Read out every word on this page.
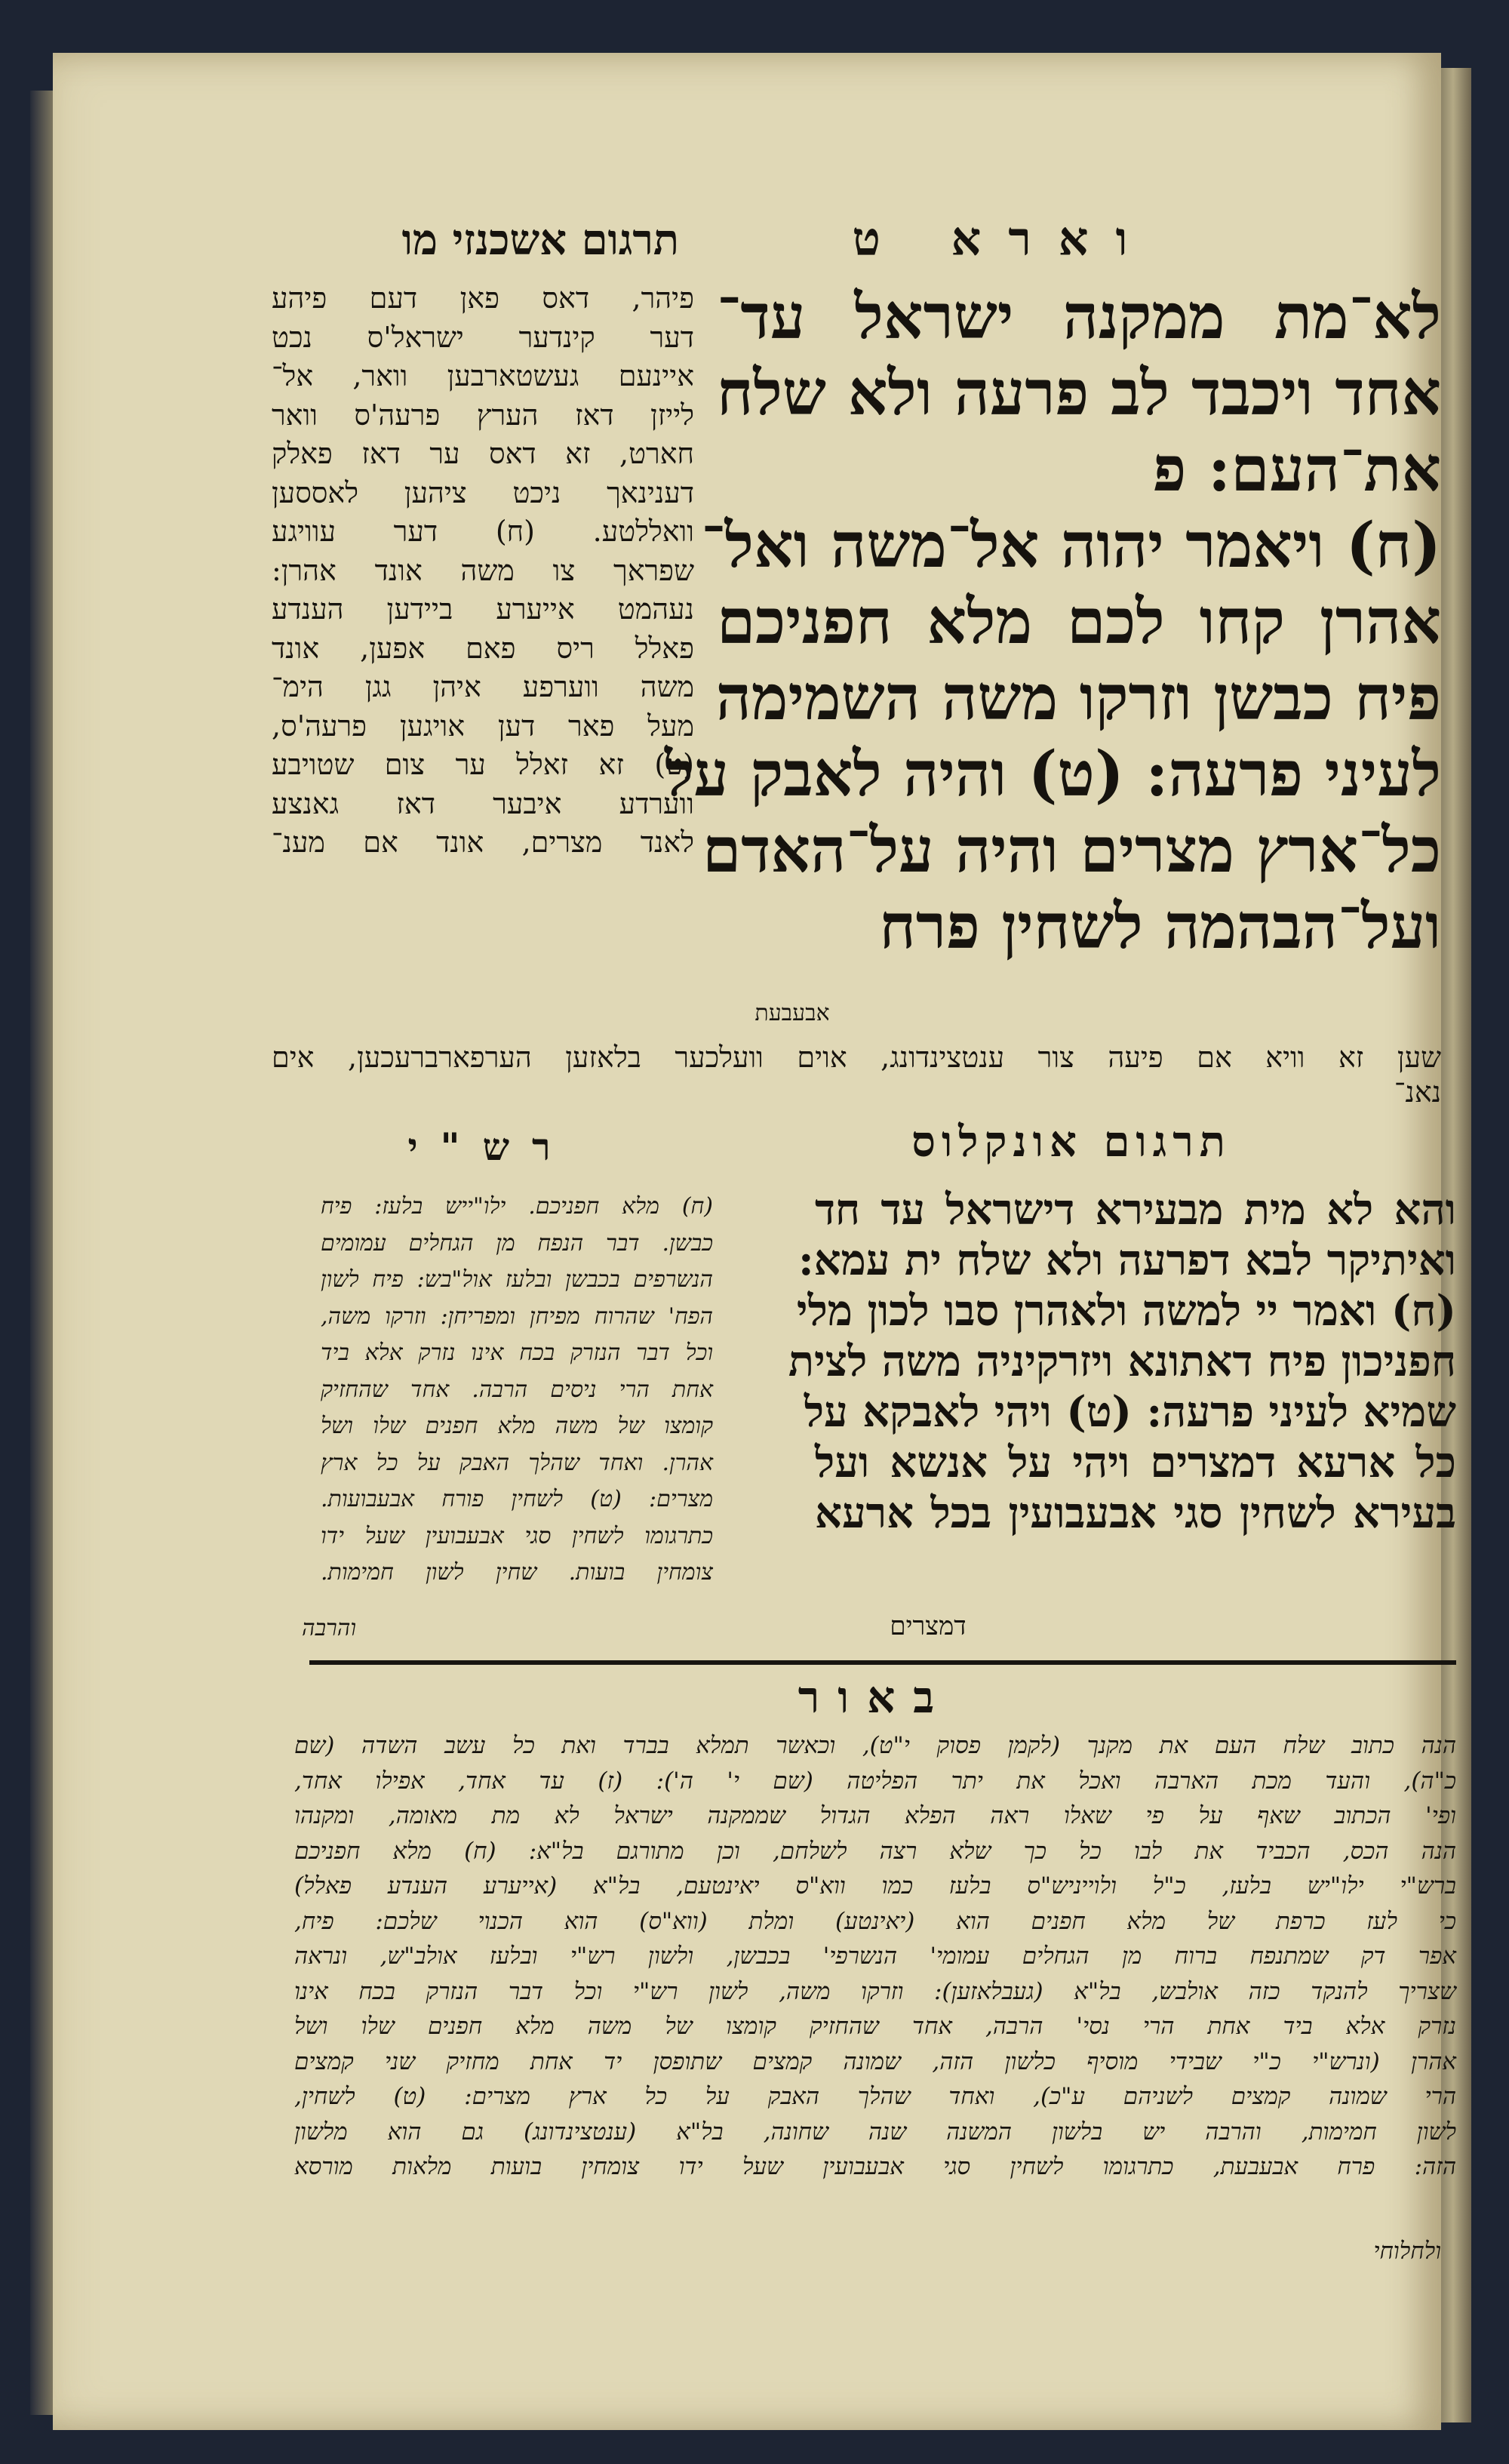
וארא ט
תרגום אשכנזי מו
לא־מת ממקנה ישראל עד־
אחד ויכבד לב פרעה ולא שלח
את־העם: פ
(ח) ויאמר יהוה אל־משה ואל־
אהרן קחו לכם מלא חפניכם
פיח כבשן וזרקו משה השמימה
לעיני פרעה: (ט) והיה לאבק על
כל־ארץ מצרים והיה על־האדם
ועל־הבהמה לשחין פרח
פיהר, דאס פאן דעם פיהע
דער קינדער ישראל'ס נכט
איינעם געשטארבען וואר, אל־
לייזן דאז הערץ פרעה'ס וואר
חארט, זא דאס ער דאז פאלק
דענינאך ניכט ציהען לאססען
וואללטע. (ח) דער עוויגע
שפראך צו משה אונד אהרן:
נעהמט אייערע ביידען הענדע
פאלל ריס פאם אפען, אונד
משה ווערפע איהן גגן הימ־
מעל פאר דען אויגען פרעה'ס,
(ט) זא זאלל ער צום שטויבע
ווערדע איבער דאז גאנצע
לאנד מצרים, אונד אם מענ־
אבעבעת
שען זא וויא אם פיעה צור ענטצינדונג, אוים וועלכער בלאזען הערפארברעכען, אים
נאנ־
תרגום אונקלוס
רש"י
והא לא מית מבעירא דישראל עד חד
ואיתיקר לבא דפרעה ולא שלח ית עמא:
(ח) ואמר יי למשה ולאהרן סבו לכון מלי
חפניכון פיח דאתונא ויזרקיניה משה לצית
שמיא לעיני פרעה: (ט) ויהי לאבקא על
כל ארעא דמצרים ויהי על אנשא ועל
בעירא לשחין סגי אבעבועין בכל ארעא
(ח) מלא חפניכם. ילו"ייש בלעז: פיח
כבשן. דבר הנפח מן הגחלים עמומים
הנשרפים בכבשן ובלעז אול"בש: פיח לשון
הפח' שהרוח מפיחן ומפריחן: וזרקו משה,
וכל דבר הנזרק בכח אינו נזרק אלא ביד
אחת הרי ניסים הרבה. אחד שהחזיק
קומצו של משה מלא חפנים שלו ושל
אהרן. ואחד שהלך האבק על כל ארץ
מצרים: (ט) לשחין פורח אבעבועות.
כתרגומו לשחין סגי אבעבועין שעל ידו
צומחין בועות. שחין לשון חמימות.
דמצרים
והרבה
באור
הנה כתוב שלח העם את מקנך (לקמן פסוק י"ט), וכאשר תמלא בברד ואת כל עשב השדה (שם
כ"ה), והעד מכת הארבה ואכל את יתר הפליטה (שם י' ה'): (ז) עד אחד, אפילו אחד,
ופי' הכתוב שאף על פי שאלו ראה הפלא הגדול שממקנה ישראל לא מת מאומה, ומקנהו
הנה הכס, הכביד את לבו כל כך שלא רצה לשלחם, וכן מתורגם בל"א: (ח) מלא חפניכם
ברש"י ילו"יש בלעז, כ"ל ולוייניש"ס בלעז כמו ווא"ס יאינטעם, בל"א (אייערע הענדע פאלל)
כי לעז כרפת של מלא חפנים הוא (יאינטע) ומלת (ווא"ס) הוא הכנוי שלכם: פיח,
אפר דק שמתנפח ברוח מן הגחלים עמומי' הנשרפי' בכבשן, ולשון רש"י ובלעז אולב"ש, ונראה
שצריך להנקד כזה אולבש, בל"א (געבלאזען): וזרקו משה, לשון רש"י וכל דבר הנזרק בכח אינו
נזרק אלא ביד אחת הרי נסי' הרבה, אחד שהחזיק קומצו של משה מלא חפנים שלו ושל
אהרן (ונרש"י כ"י שבידי מוסיף כלשון הזה, שמונה קמצים שתופסן יד אחת מחזיק שני קמצים
הרי שמונה קמצים לשניהם ע"כ), ואחד שהלך האבק על כל ארץ מצרים: (ט) לשחין,
לשון חמימות, והרבה יש בלשון המשנה שנה שחונה, בל"א (ענטצינדונג) גם הוא מלשון
הזה: פרח אבעבעת, כתרגומו לשחין סגי אבעבועין שעל ידו צומחין בועות מלאות מורסא
ולחלוחי
